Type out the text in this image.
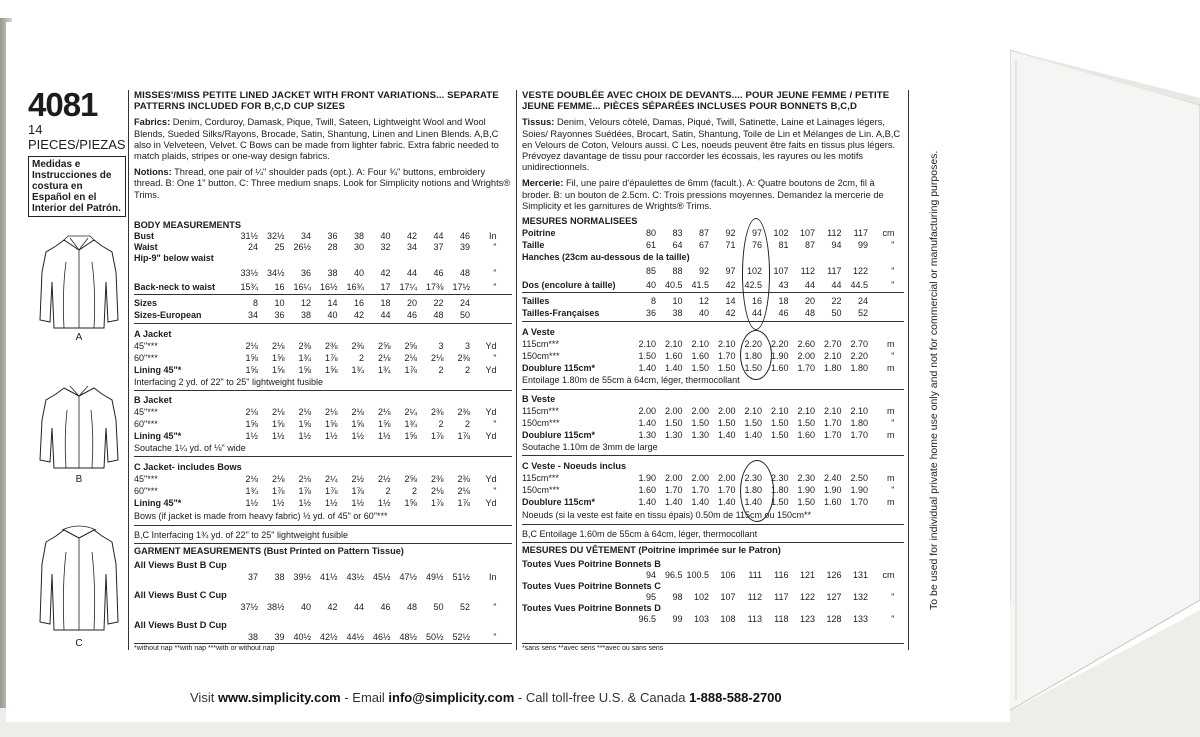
4081
14 PIECES/PIEZAS
Medidas e Instrucciones de costura en Español en el Interior del Patrón.
A
B
C
MISSES'/MISS PETITE LINED JACKET WITH FRONT VARIATIONS... SEPARATE PATTERNS INCLUDED FOR B,C,D CUP SIZES
Fabrics: Denim, Corduroy, Damask, Pique, Twill, Sateen, Lightweight Wool and Wool Blends, Sueded Silks/Rayons, Brocade, Satin, Shantung, Linen and Linen Blends. A,B,C also in Velveteen, Velvet. C Bows can be made from lighter fabric. Extra fabric needed to match plaids, stripes or one-way design fabrics.
Notions: Thread, one pair of ¼" shoulder pads (opt.). A: Four ¾" buttons, embroidery thread. B: One 1" button. C: Three medium snaps. Look for Simplicity notions and Wrights® Trims.
VESTE DOUBLÉE AVEC CHOIX DE DEVANTS.... POUR JEUNE FEMME / PETITE JEUNE FEMME... PIÈCES SÉPARÉES INCLUSES POUR BONNETS B,C,D
Tissus: Denim, Velours côtelé, Damas, Piqué, Twill, Satinette, Laine et Lainages légers, Soies/ Rayonnes Suédées, Brocart, Satin, Shantung, Toile de Lin et Mélanges de Lin. A,B,C en Velours de Coton, Velours aussi. C Les, noeuds peuvent être faits en tissus plus légers. Prévoyez davantage de tissu pour raccorder les écossais, les rayures ou les motifs unidirectionnels.
Mercerie: Fil, une paire d'épaulettes de 6mm (facult.). A: Quatre boutons de 2cm, fil à broder. B: un bouton de 2.5cm. C: Trois pressions moyennes. Demandez la mercerie de Simplicity et les garnitures de Wrights® Trims.
BODY MEASUREMENTS
Bust	31½ 32½	34	36	38	40	42	44	46	In
Waist	24	25 26½	28	30	32	34	37	39	"
Hip-9" below waist
33½ 34½	36	38	40	42	44	46	48	"
Back-neck to waist	15¾	16 16¼ 16½ 16¾	17 17¼ 17⅜ 17½	"
Sizes	8	10	12	14	16	18	20	22	24
Sizes-European	34	36	38	40	42	44	46	48	50
A Jacket
45"***	2⅛	2⅛	2⅜	2⅜	2⅜	2⅝	2⅝	3	3	Yd
60"***	1⅝	1⅝	1¾	1⅞	2	2⅛	2⅛	2⅛	2⅜	"
Lining 45"*	1⅝	1⅝	1⅝	1⅝	1¾	1¾	1⅞	2	2	Yd
Interfacing 2 yd. of 22" to 25" lightweight fusible
B Jacket
45"***	2⅛	2⅛	2⅛	2⅛	2⅛	2⅛	2¼	2⅜	2⅜	Yd
60"***	1⅝	1⅝	1⅝	1⅝	1⅝	1⅝	1¾	2	2	"
Lining 45"*	1½	1½	1½	1½	1½	1½	1⅝	1⅞	1⅞	Yd
Soutache 1¼ yd. of ⅛" wide
C Jacket- includes Bows
45"***	2⅛	2⅛	2⅛	2¼	2½	2½	2⅝	2⅜	2⅜	Yd
60"***	1¾	1⅞	1⅞	1⅞	1⅞	2	2	2⅛	2⅛	"
Lining 45"*	1½	1½	1½	1½	1½	1½	1⅝	1⅞	1⅞	Yd
Bows (if jacket is made from heavy fabric) ½ yd. of 45" or 60"***
B,C Interfacing 1¾ yd. of 22" to 25" lightweight fusible
GARMENT MEASUREMENTS (Bust Printed on Pattern Tissue)
All Views Bust B Cup
37	38 39½ 41½ 43½ 45½ 47½ 49½ 51½	In
All Views Bust C Cup
37½ 38½	40	42	44	46	48	50	52	"
All Views Bust D Cup
38	39 40½ 42½ 44½ 46½ 48½ 50½ 52½	"
*without nap **with nap ***with or without nap
MESURES NORMALISEES
Poitrine	80	83	87	92	97	102	107	112	117	cm
Taille	61	64	67	71	76	81	87	94	99	"
Hanches (23cm au-dessous de la taille)
85	88	92	97	102	107	112	117	122	"
Dos (encolure à taille)	40 40.5 41.5	42 42.5	43	44	44 44.5	"
Tailles	8	10	12	14	16	18	20	22	24
Tailles-Françaises	36	38	40	42	44	46	48	50	52
A Veste
115cm***	2.10 2.10 2.10 2.10 2.20 2.20 2.60 2.70 2.70	m
150cm***	1.50 1.60 1.60 1.70 1.80 1.90 2.00 2.10 2.20	"
Doublure 115cm*	1.40 1.40 1.50 1.50 1.50 1.60 1.70 1.80 1.80	m
Entoilage 1.80m de 55cm à 64cm, léger, thermocollant
B Veste
115cm***	2.00 2.00 2.00 2.00 2.10 2.10 2.10 2.10 2.10	m
150cm***	1.40 1.50 1.50 1.50 1.50 1.50 1.50 1.70 1.80	"
Doublure 115cm*	1.30 1.30 1.30 1.40 1.40 1.50 1.60 1.70 1.70	m
Soutache 1.10m de 3mm de large
C Veste - Noeuds inclus
115cm***	1.90 2.00 2.00 2.00 2.30 2.30 2.30 2.40 2.50	m
150cm***	1.60 1.70 1.70 1.70 1.80 1.80 1.90 1.90 1.90	"
Doublure 115cm*	1.40 1.40 1.40 1.40 1.40 1.50 1.50 1.60 1.70	m
Noeuds (si la veste est faite en tissu épais) 0.50m de 115cm ou 150cm**
B,C Entoilage 1.60m de 55cm à 64cm, léger, thermocollant
MESURES DU VÊTEMENT (Poitrine imprimée sur le Patron)
Toutes Vues Poitrine Bonnets B
94 96.5 100.5	106	111	116	121	126	131	cm
Toutes Vues Poitrine Bonnets C
95	98	102	107	112	117	122	127	132	"
Toutes Vues Poitrine Bonnets D
96.5	99	103	108	113	118	123	128	133	"
*sans sens **avec sens ***avec ou sans sens
To be used for individual private home use only and not for commercial or manufacturing purposes.
Visit www.simplicity.com - Email info@simplicity.com - Call toll-free U.S. & Canada 1-888-588-2700
